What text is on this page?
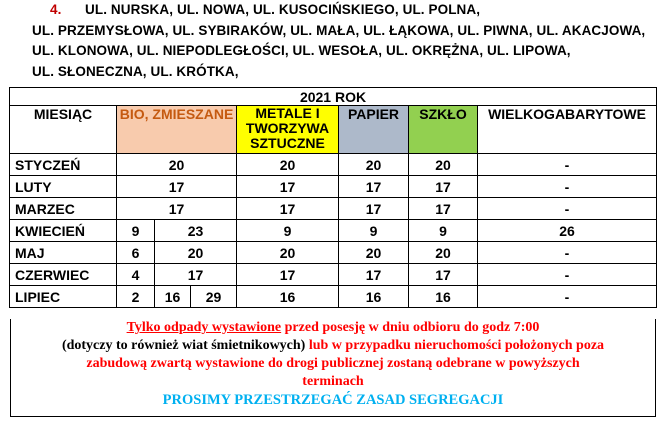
4. UL. NURSKA, UL. NOWA, UL. KUSOCIŃSKIEGO, UL. POLNA,
UL. PRZEMYSŁOWA, UL. SYBIRAKÓW, UL. MAŁA, UL. ŁĄKOWA, UL. PIWNA, UL. AKACJOWA,
UL. KLONOWA, UL. NIEPODLEGŁOŚCI, UL. WESOŁA, UL. OKRĘŻNA, UL. LIPOWA,
UL. SŁONECZNA, UL. KRÓTKA,
2021 ROK							
MIESIĄC	BIO, ZMIESZANE			METALE I
TWORZYWA
SZTUCZNE	PAPIER	SZKŁO	WIELKOGABARYTOWE
STYCZEŃ	20			20	20	20	-
LUTY	17			17	17	17	-
MARZEC	17			17	17	17	-
KWIECIEŃ	9	23		9	9	9	26
MAJ	6	20		20	20	20	-
CZERWIEC	4	17		17	17	17	-
LIPIEC	2	16	29	16	16	16	-

Tylko odpady wystawione przed posesję w dniu odbioru do godz 7:00

(dotyczy to również wiat śmietnikowych) lub w przypadku nieruchomości położonych poza

zabudową zwartą wystawione do drogi publicznej zostaną odebrane w powyższych

terminach

PROSIMY PRZESTRZEGAĆ ZASAD SEGREGACJI
